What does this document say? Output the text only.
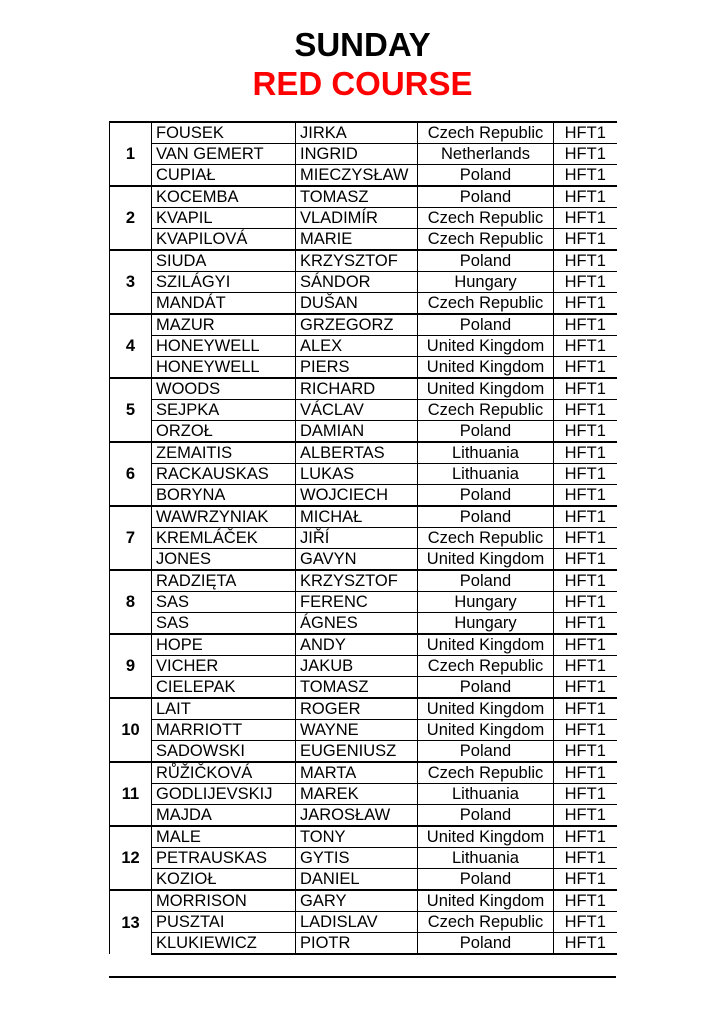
SUNDAY
RED COURSE
1	FOUSEK	JIRKA	Czech Republic	HFT1
	VAN GEMERT	INGRID	Netherlands	HFT1
	CUPIAŁ	MIECZYSŁAW	Poland	HFT1
2	KOCEMBA	TOMASZ	Poland	HFT1
	KVAPIL	VLADIMÍR	Czech Republic	HFT1
	KVAPILOVÁ	MARIE	Czech Republic	HFT1
3	SIUDA	KRZYSZTOF	Poland	HFT1
	SZILÁGYI	SÁNDOR	Hungary	HFT1
	MANDÁT	DUŠAN	Czech Republic	HFT1
4	MAZUR	GRZEGORZ	Poland	HFT1
	HONEYWELL	ALEX	United Kingdom	HFT1
	HONEYWELL	PIERS	United Kingdom	HFT1
5	WOODS	RICHARD	United Kingdom	HFT1
	SEJPKA	VÁCLAV	Czech Republic	HFT1
	ORZOŁ	DAMIAN	Poland	HFT1
6	ZEMAITIS	ALBERTAS	Lithuania	HFT1
	RACKAUSKAS	LUKAS	Lithuania	HFT1
	BORYNA	WOJCIECH	Poland	HFT1
7	WAWRZYNIAK	MICHAŁ	Poland	HFT1
	KREMLÁČEK	JIŘÍ	Czech Republic	HFT1
	JONES	GAVYN	United Kingdom	HFT1
8	RADZIĘTA	KRZYSZTOF	Poland	HFT1
	SAS	FERENC	Hungary	HFT1
	SAS	ÁGNES	Hungary	HFT1
9	HOPE	ANDY	United Kingdom	HFT1
	VICHER	JAKUB	Czech Republic	HFT1
	CIELEPAK	TOMASZ	Poland	HFT1
10	LAIT	ROGER	United Kingdom	HFT1
	MARRIOTT	WAYNE	United Kingdom	HFT1
	SADOWSKI	EUGENIUSZ	Poland	HFT1
11	RŮŽIČKOVÁ	MARTA	Czech Republic	HFT1
	GODLIJEVSKIJ	MAREK	Lithuania	HFT1
	MAJDA	JAROSŁAW	Poland	HFT1
12	MALE	TONY	United Kingdom	HFT1
	PETRAUSKAS	GYTIS	Lithuania	HFT1
	KOZIOŁ	DANIEL	Poland	HFT1
13	MORRISON	GARY	United Kingdom	HFT1
	PUSZTAI	LADISLAV	Czech Republic	HFT1
	KLUKIEWICZ	PIOTR	Poland	HFT1
